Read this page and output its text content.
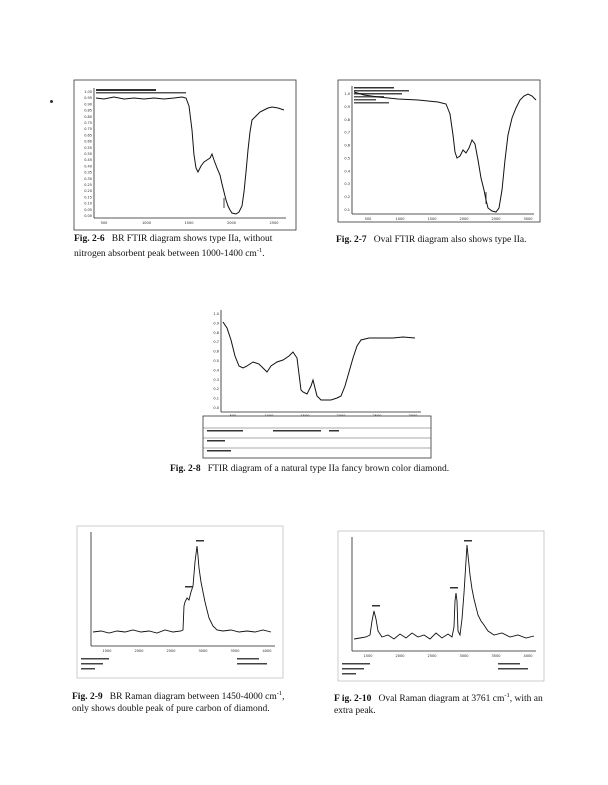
1.00
0.95
0.90
0.85
0.80
0.75
0.70
0.65
0.60
0.55
0.50
0.45
0.40
0.35
0.30
0.25
0.20
0.15
0.10
0.05
0.00
500	1000	1500	2000	2500
Fig. 2-6 BR FTIR diagram shows type IIa, without
nitrogen absorbent peak between 1000-1400 $cm^{-1}$.
1.0
0.9
0.8
0.7
0.6
0.5
0.4
0.3
0.2
0.1
500	1000	1500	2000	2500	3000
Fig. 2-7 Oval FTIR diagram also shows type IIa.
1.0
0.9
0.8
0.7
0.6
0.5
0.4
0.3
0.2
0.1
0.0
Fig. 2-8 FTIR diagram of a natural type IIa fancy brown color diamond.
1500	2000	2500	3000	3500	4000
Fig. 2-9 BR Raman diagram between 1450-4000 $cm^{-1}$,
only shows double peak of pure carbon of diamond.
1500	2000	2500	3000	3500	4000
F ig. 2-10 Oval Raman diagram at 3761 $cm^{-1}$, with an
extra peak.
